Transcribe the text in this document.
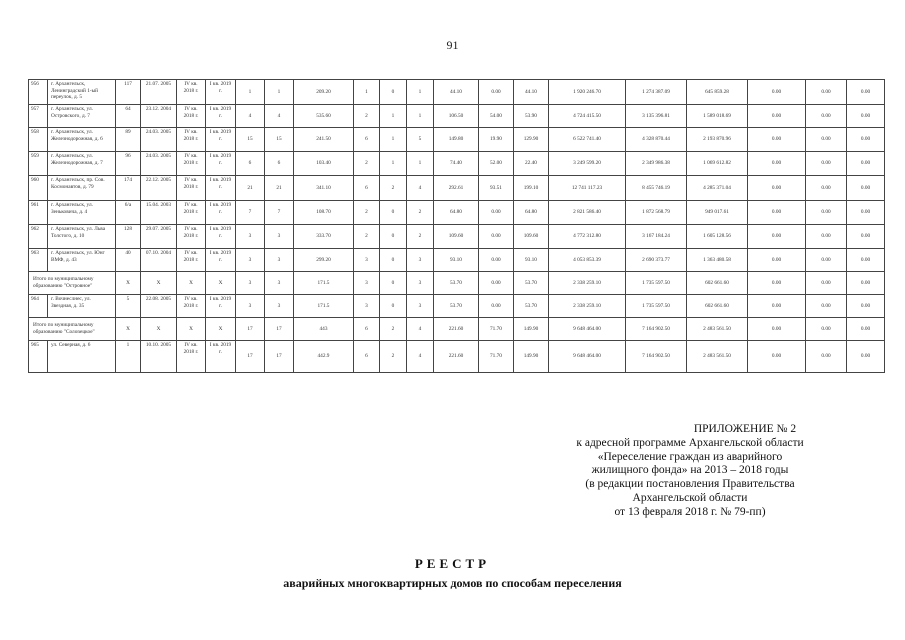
91
956	г. Архангельск, Ленинградский 1-ый переулок, д. 5	117	21.07. 2005	IV кв. 2018 г.	I кв. 2019 г.	1	1	209.20	1	0	1	44.10	0.00	44.10	1 920 246.70	1 274 387.09	645 859.28	0.00	0.00	0.00
957	г. Архангельск, ул. Островского, д. 7	64	23.12. 2004	IV кв. 2018 г.	I кв. 2019 г.	4	4	535.60	2	1	1	106.50	54.00	53.90	4 724 415.50	3 135 396.81	1 589 018.69	0.00	0.00	0.00
958	г. Архангельск, ул. Железнодорожная, д. 6	89	24.03. 2005	IV кв. 2018 г.	I кв. 2019 г.	15	15	241.50	6	1	5	149.80	19.90	129.90	6 522 741.40	4 328 870.44	2 193 870.96	0.00	0.00	0.00
959	г. Архангельск, ул. Железнодорожная, д. 7	96	24.03. 2005	IV кв. 2018 г.	I кв. 2019 г.	6	6	103.40	2	1	1	74.40	52.00	22.40	3 249 599.20	2 349 986.38	1 069 612.82	0.00	0.00	0.00
960	г. Архангельск, пр. Сов. Космонавтов, д. 79	174	22.12. 2005	IV кв. 2018 г.	I кв. 2019 г.	21	21	341.10	6	2	4	292.61	93.51	199.10	12 741 117.23	8 455 746.19	4 285 371.04	0.00	0.00	0.00
961	г. Архангельск, ул. Зеньковича, д. 4	6/а	15.04. 2003	IV кв. 2018 г.	I кв. 2019 г.	7	7	108.70	2	0	2	64.80	0.00	64.80	2 821 586.40	1 872 568.79	949 017.61	0.00	0.00	0.00
962	г. Архангельск, ул. Льва Толстого, д. 10	128	29.07. 2005	IV кв. 2018 г.	I кв. 2019 г.	3	3	333.70	2	0	2	109.60	0.00	109.60	4 772 312.80	3 167 184.24	1 605 128.56	0.00	0.00	0.00
963	г. Архангельск, ул. Юнг ВМФ, д. 43	40	07.10. 2004	IV кв. 2018 г.	I кв. 2019 г.	3	3	299.20	3	0	3	93.10	0.00	93.10	4 053 853.39	2 690 373.77	1 363 480.58	0.00	0.00	0.00
Итого по муниципальному образованию "Островное"		X	X	X	X	3	3	171.5	3	0	3	53.70	0.00	53.70	2 338 259.10	1 735 597.50	602 661.60	0.00	0.00	0.00
964	г. Вочнеслнеc, ул. Звездная, д. 35	5	22.08. 2005	IV кв. 2018 г.	I кв. 2019 г.	3	3	171.5	3	0	3	53.70	0.00	53.70	2 338 259.10	1 735 597.50	602 661.60	0.00	0.00	0.00
Итого по муниципальному образованию "Солоnецкое"		X	X	X	X	17	17	443	6	2	4	221.60	71.70	149.90	9 648 464.00	7 164 902.50	2 483 561.50	0.00	0.00	0.00
965	ул. Северная, д. 6	1	10.10. 2005	IV кв. 2018 г.	I кв. 2019 г.	17	17	442.9	6	2	4	221.60	71.70	149.90	9 648 464.00	7 164 902.50	2 483 561.50	0.00	0.00	0.00
ПРИЛОЖЕНИЕ № 2
к адресной программе Архангельской области
«Переселение граждан из аварийного
жилищного фонда» на 2013 – 2018 годы
(в редакции постановления Правительства
Архангельской области
от 13 февраля 2018 г. № 79-пп)
РЕЕСТР
аварийных многоквартирных домов по способам переселения
